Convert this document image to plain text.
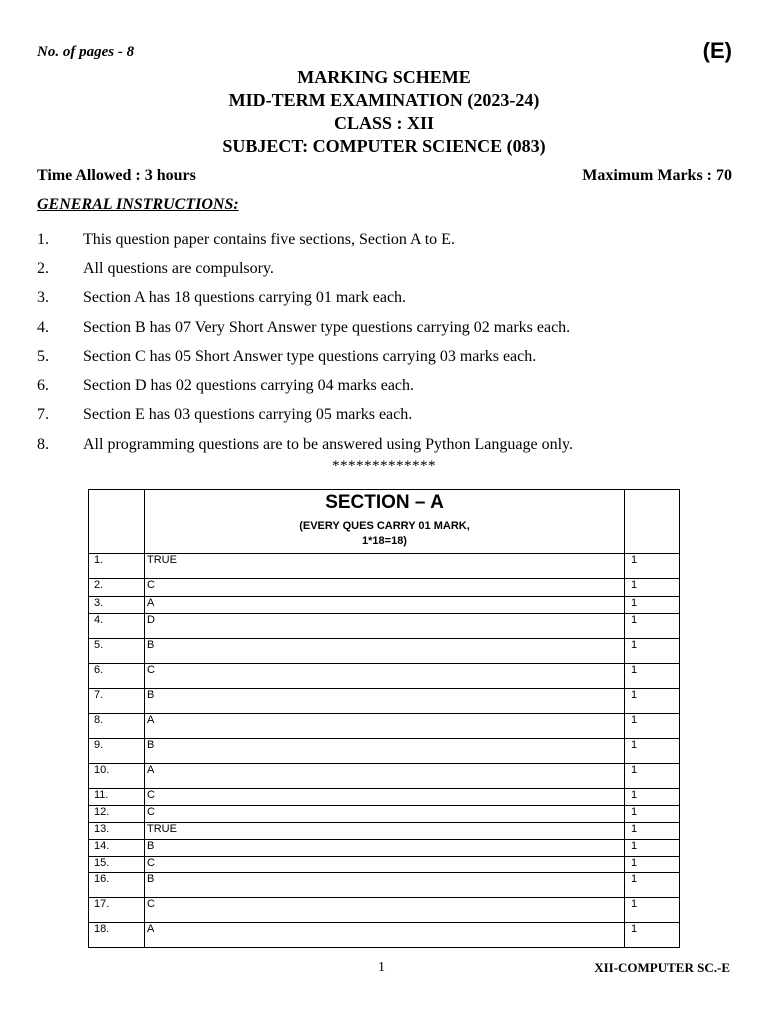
No. of pages - 8	(E)
MARKING SCHEME
MID-TERM EXAMINATION (2023-24)
CLASS : XII
SUBJECT: COMPUTER SCIENCE (083)
Time Allowed : 3 hours	Maximum Marks : 70
GENERAL INSTRUCTIONS:
1.	This question paper contains five sections, Section A to E.
2.	All questions are compulsory.
3.	Section A has 18 questions carrying 01 mark each.
4.	Section B has 07 Very Short Answer type questions carrying 02 marks each.
5.	Section C has 05 Short Answer type questions carrying 03 marks each.
6.	Section D has 02 questions carrying 04 marks each.
7.	Section E has 03 questions carrying 05 marks each.
8.	All programming questions are to be answered using Python Language only.
*************

	SECTION – A
(EVERY QUES CARRY 01 MARK,
1*18=18)	

1.	TRUE	1
2.	C	1
3.	A	1
4.	D	1
5.	B	1
6.	C	1
7.	B	1
8.	A	1
9.	B	1
10.	A	1
11.	C	1
12.	C	1
13.	TRUE	1
14.	B	1
15.	C	1
16.	B	1
17.	C	1
18.	A	1
1	XII-COMPUTER SC.-E
